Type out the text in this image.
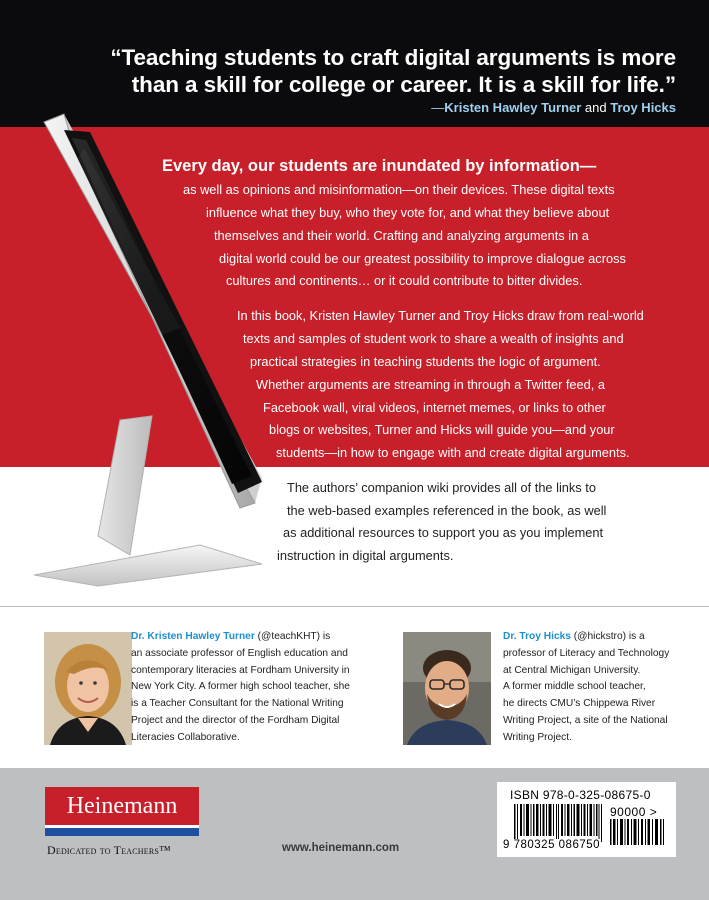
“Teaching students to craft digital arguments is more
than a skill for college or career. It is a skill for life.”
—Kristen Hawley Turner and Troy Hicks
Every day, our students are inundated by information—
as well as opinions and misinformation—on their devices. These digital texts
influence what they buy, who they vote for, and what they believe about
themselves and their world. Crafting and analyzing arguments in a
digital world could be our greatest possibility to improve dialogue across
cultures and continents… or it could contribute to bitter divides.
In this book, Kristen Hawley Turner and Troy Hicks draw from real-world
texts and samples of student work to share a wealth of insights and
practical strategies in teaching students the logic of argument.
Whether arguments are streaming in through a Twitter feed, a
Facebook wall, viral videos, internet memes, or links to other
blogs or websites, Turner and Hicks will guide you—and your
students—in how to engage with and create digital arguments.
The authors’ companion wiki provides all of the links to
the web-based examples referenced in the book, as well
as additional resources to support you as you implement
instruction in digital arguments.
Dr. Kristen Hawley Turner (@teachKHT) is
an associate professor of English education and
contemporary literacies at Fordham University in
New York City. A former high school teacher, she
is a Teacher Consultant for the National Writing
Project and the director of the Fordham Digital
Literacies Collaborative.
Dr. Troy Hicks (@hickstro) is a
professor of Literacy and Technology
at Central Michigan University.
A former middle school teacher,
he directs CMU’s Chippewa River
Writing Project, a site of the National
Writing Project.
Heinemann
Dedicated to Teachers™	www.heinemann.com
ISBN 978-0-325-08675-0
90000 >
9 780325 086750
